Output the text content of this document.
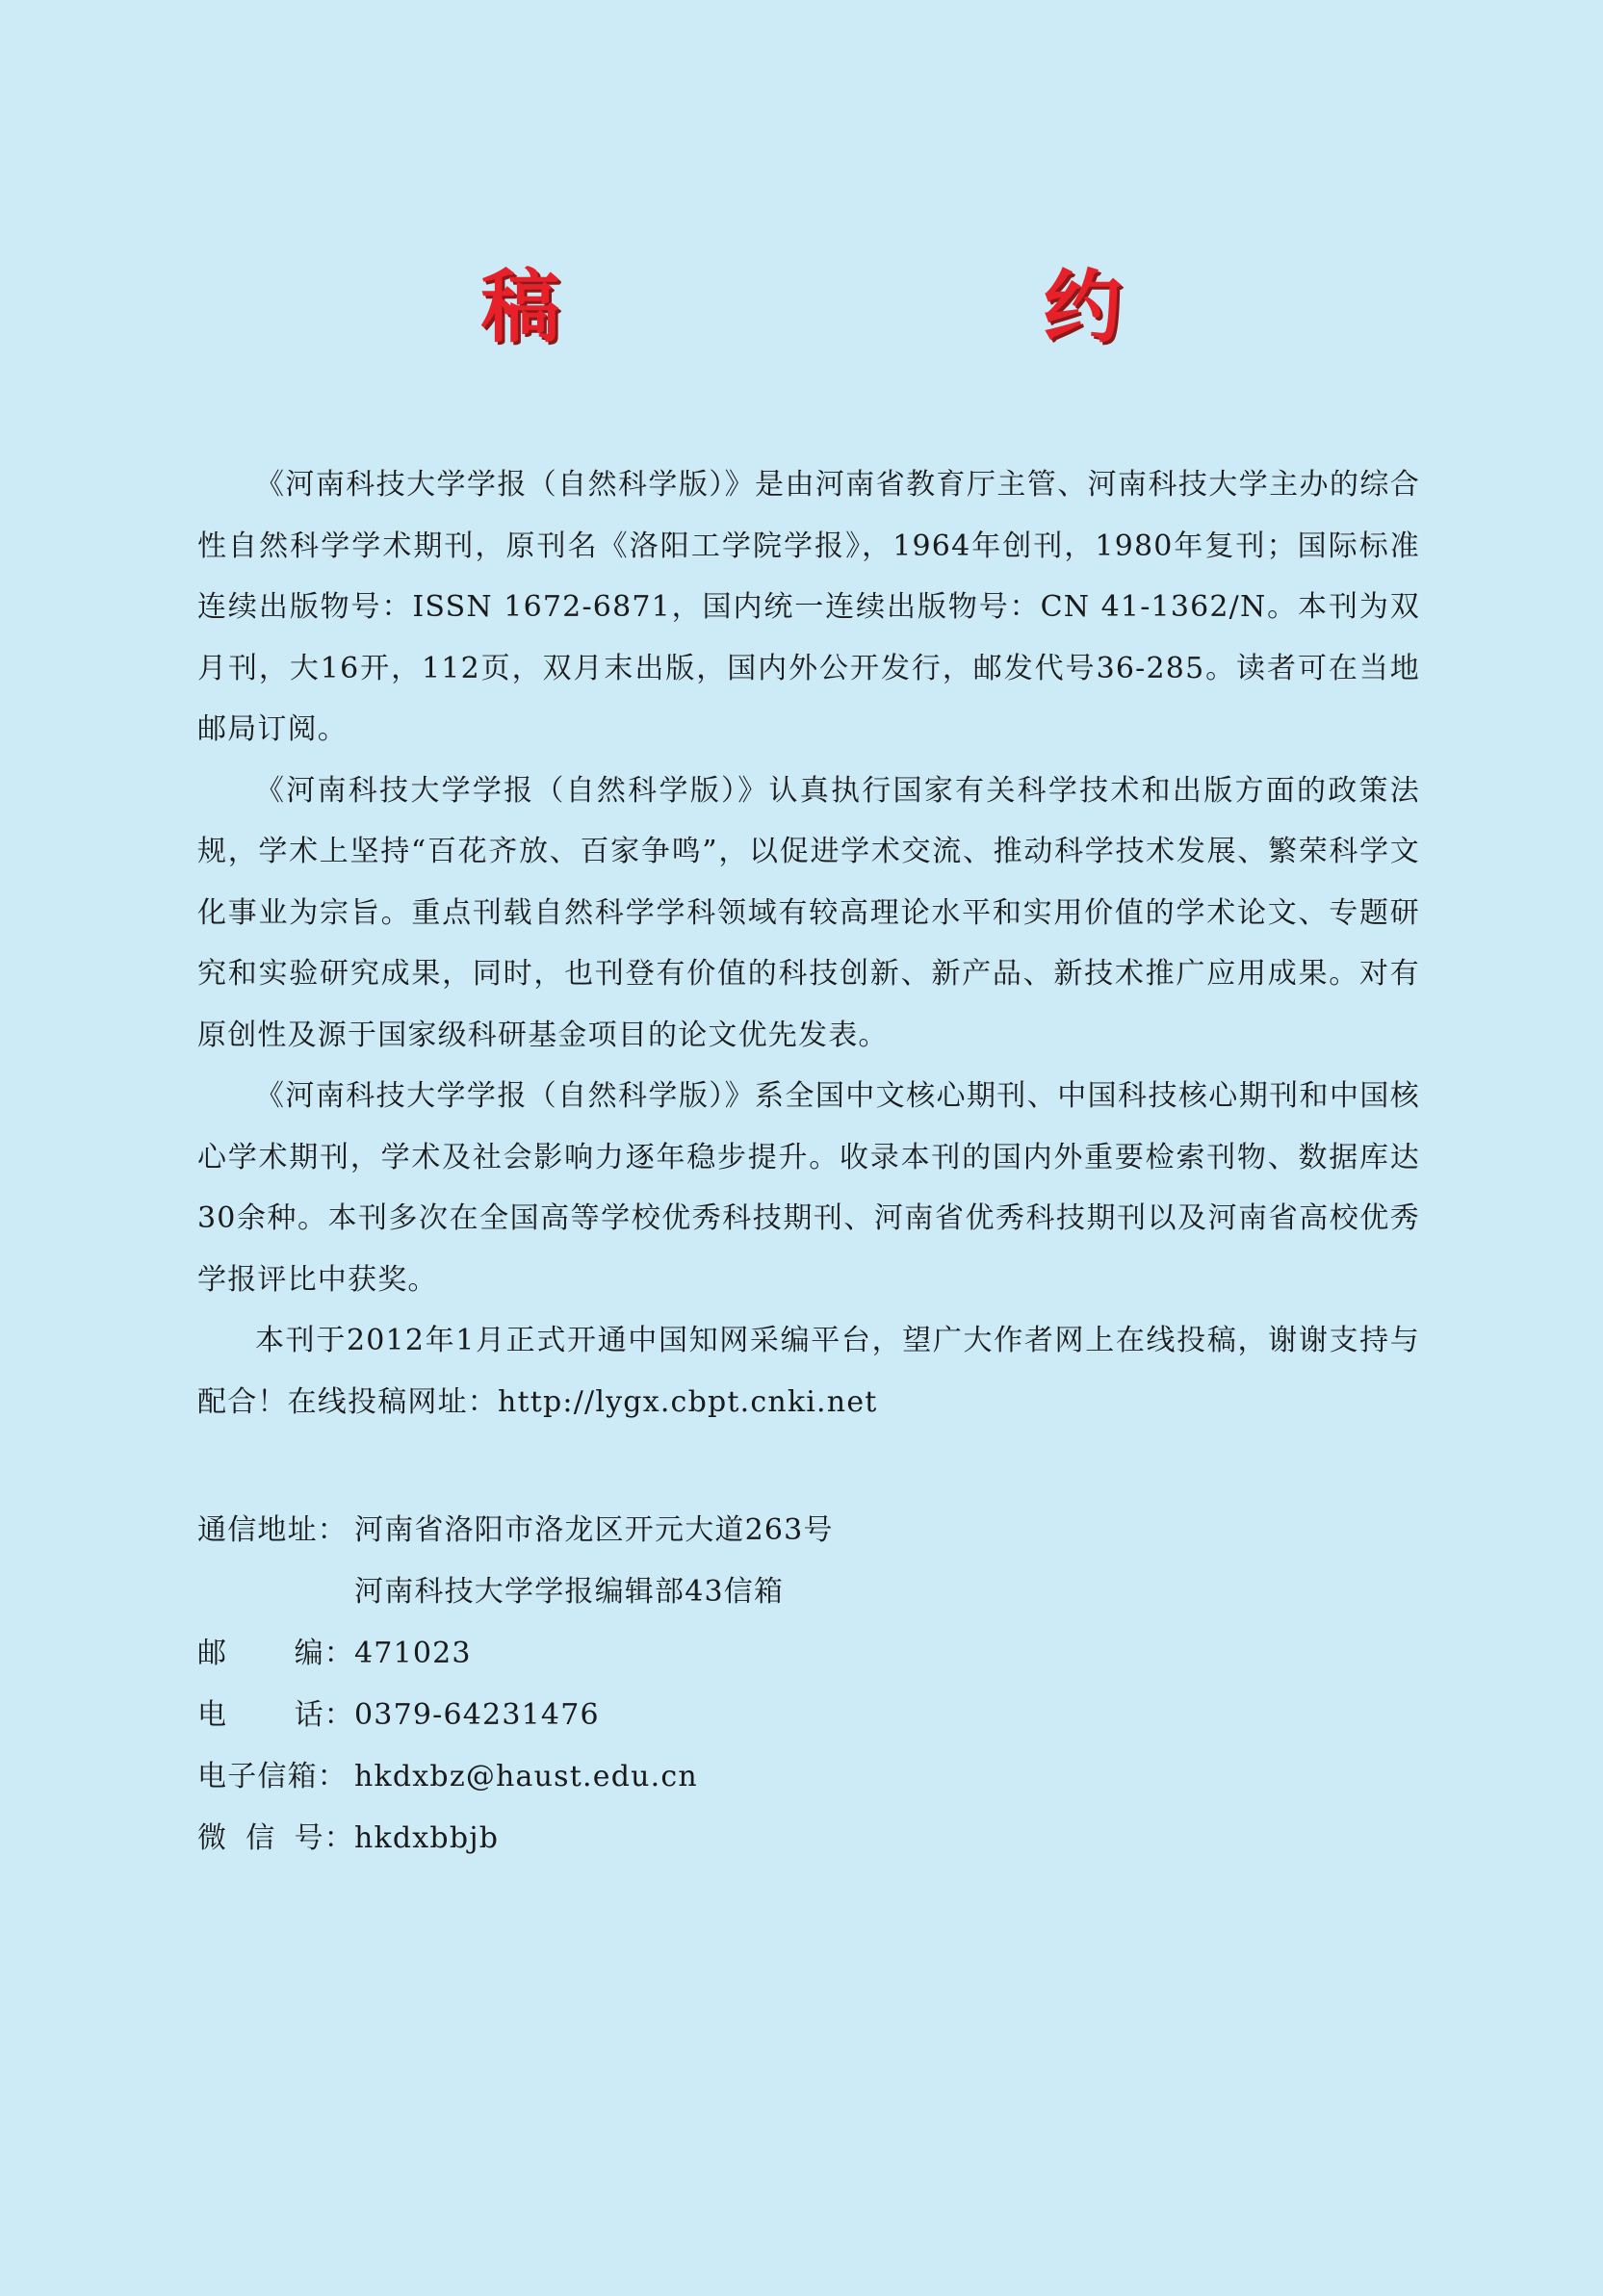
稿　约

《河南科技大学学报（自然科学版）》是由河南省教育厅主管、河南科技大学主办的综合性自然科学学术期刊，原刊名《洛阳工学院学报》，1964年创刊，1980年复刊；国际标准连续出版物号：ISSN 1672-6871，国内统一连续出版物号：CN 41-1362/N。本刊为双月刊，大16开，112页，双月末出版，国内外公开发行，邮发代号36-285。读者可在当地邮局订阅。

《河南科技大学学报（自然科学版）》认真执行国家有关科学技术和出版方面的政策法规，学术上坚持“百花齐放、百家争鸣”，以促进学术交流、推动科学技术发展、繁荣科学文化事业为宗旨。重点刊载自然科学学科领域有较高理论水平和实用价值的学术论文、专题研究和实验研究成果，同时，也刊登有价值的科技创新、新产品、新技术推广应用成果。对有原创性及源于国家级科研基金项目的论文优先发表。

《河南科技大学学报（自然科学版）》系全国中文核心期刊、中国科技核心期刊和中国核心学术期刊，学术及社会影响力逐年稳步提升。收录本刊的国内外重要检索刊物、数据库达30余种。本刊多次在全国高等学校优秀科技期刊、河南省优秀科技期刊以及河南省高校优秀学报评比中获奖。

本刊于2012年1月正式开通中国知网采编平台，望广大作者网上在线投稿，谢谢支持与配合！在线投稿网址：http://lygx.cbpt.cnki.net

通信地址： 河南省洛阳市洛龙区开元大道263号
河南科技大学学报编辑部43信箱
邮 编： 471023
电 话： 0379-64231476
电子信箱： hkdxbz@haust.edu.cn
微 信 号： hkdxbbjb
